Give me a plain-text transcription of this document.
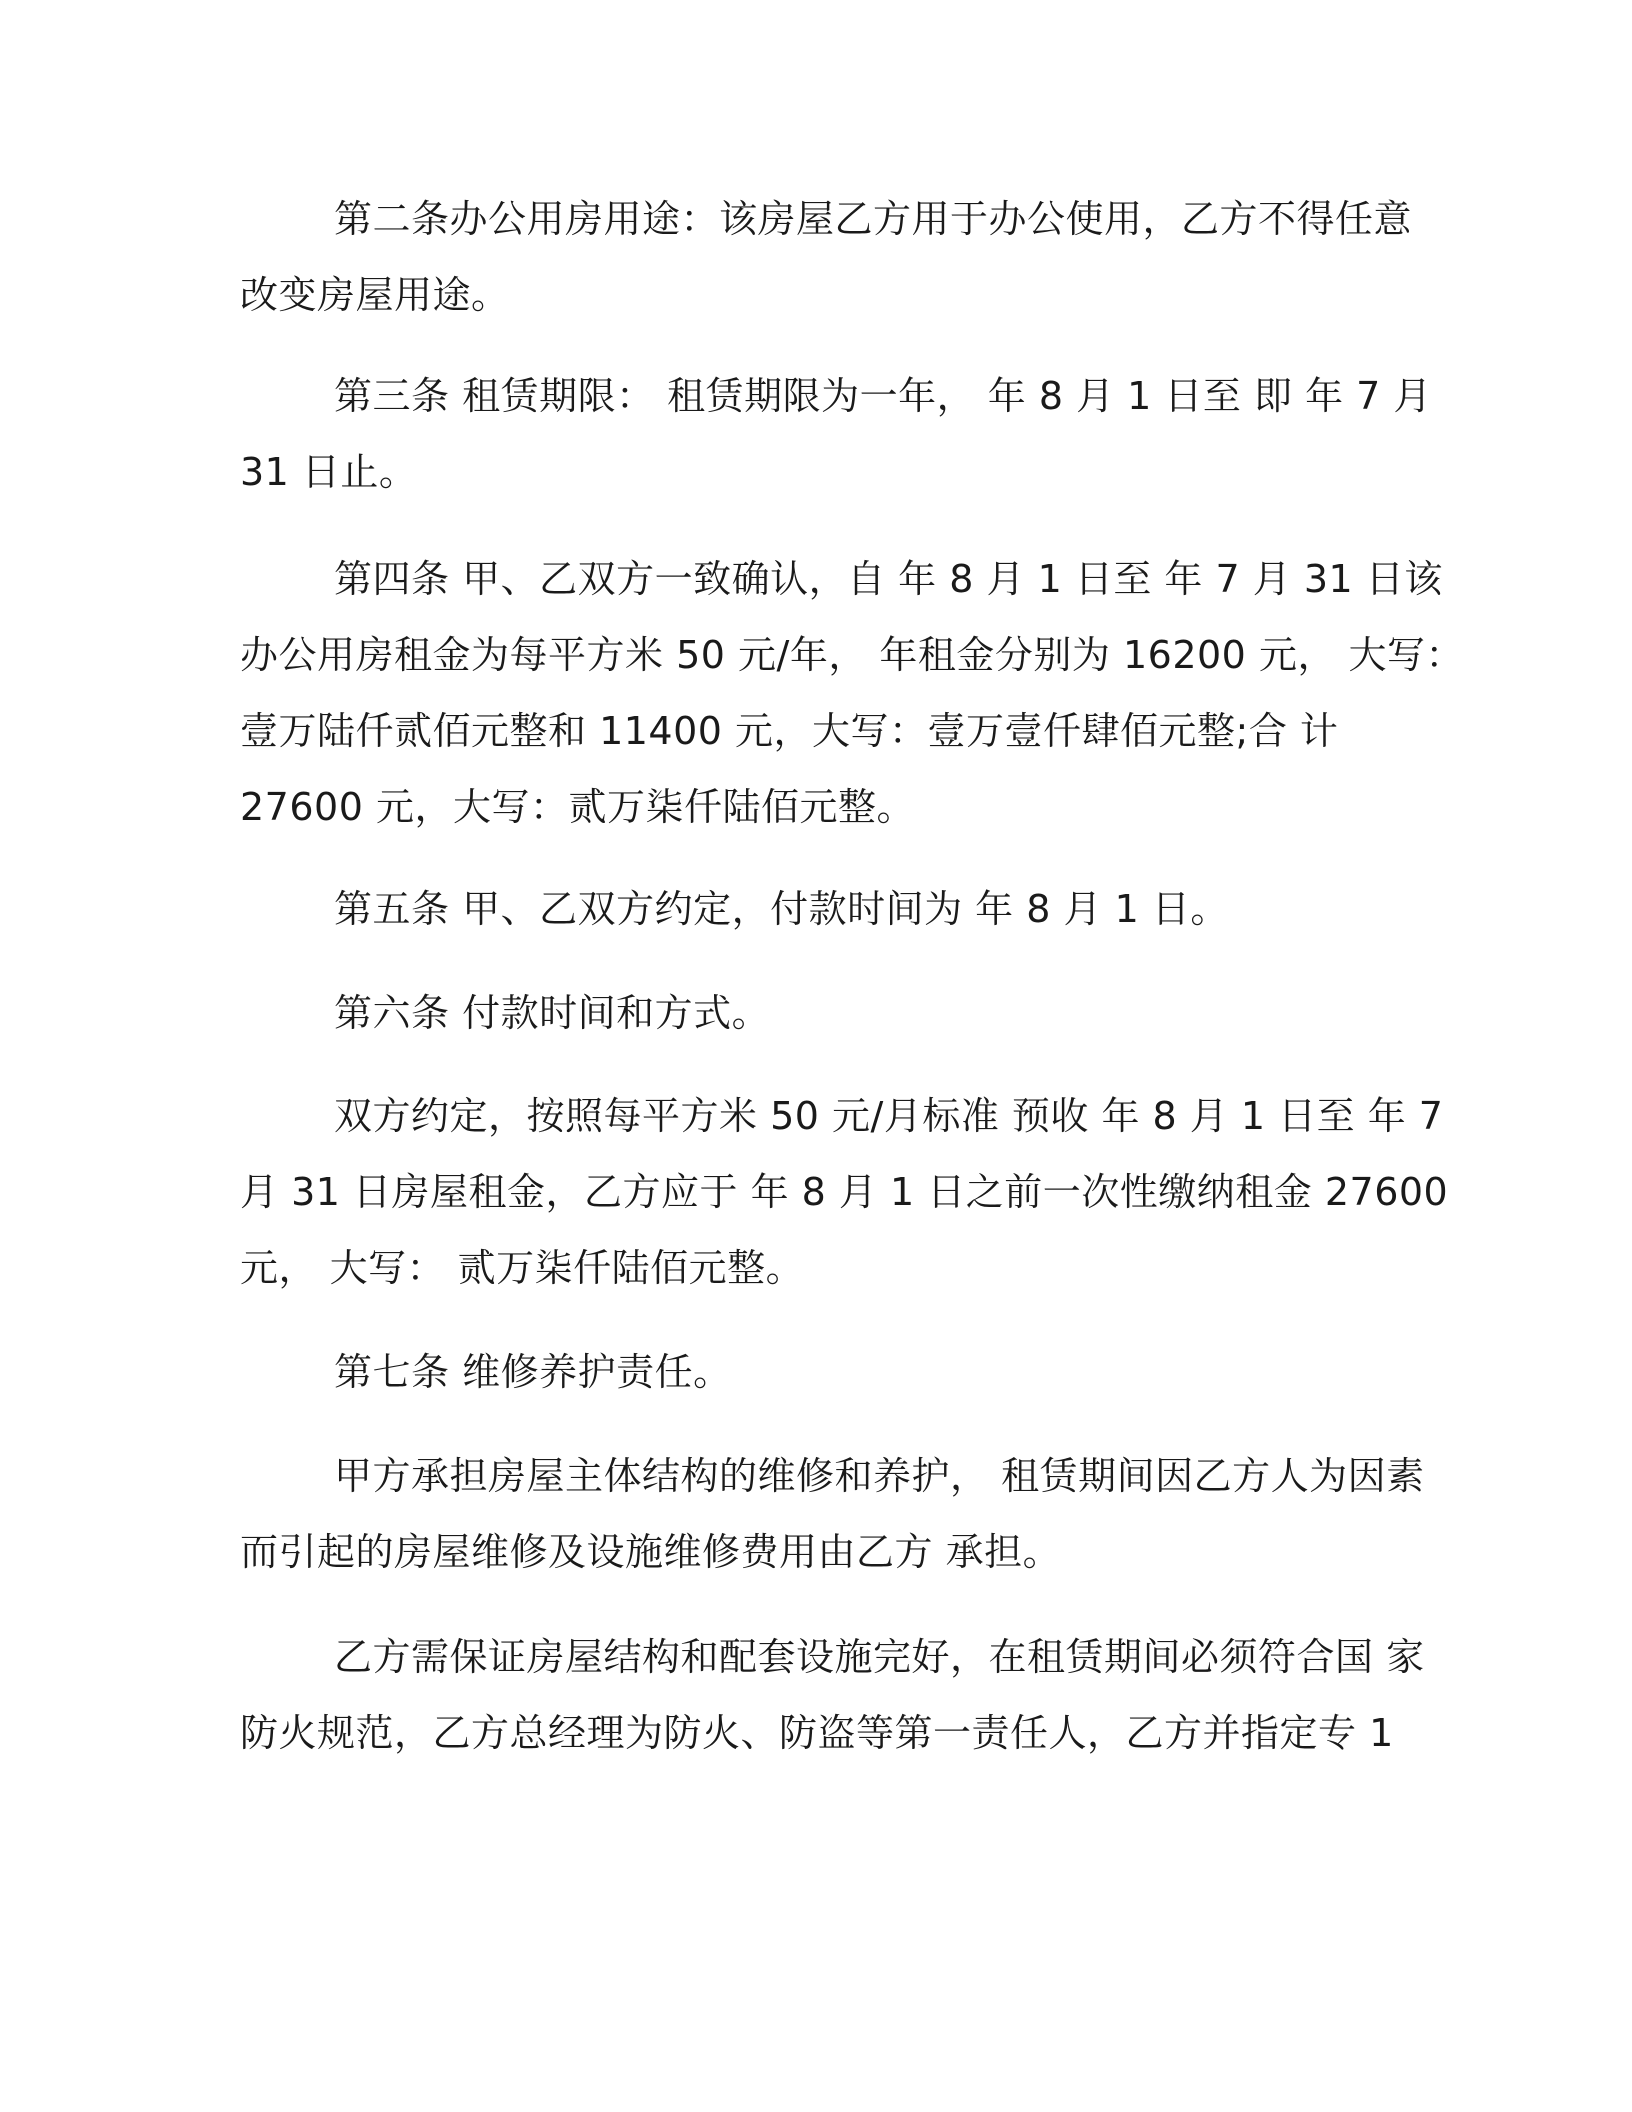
第二条办公用房用途：该房屋乙方用于办公使用，乙方不得任意
改变房屋用途。
第三条 租赁期限： 租赁期限为一年， 年 8 月 1 日至 即 年 7 月
31 日止。
第四条 甲、乙双方一致确认，自 年 8 月 1 日至 年 7 月 31 日该
办公用房租金为每平方米 50 元/年， 年租金分别为 16200 元， 大写：
壹万陆仟贰佰元整和 11400 元，大写：壹万壹仟肆佰元整;合 计
27600 元，大写：贰万柒仟陆佰元整。
第五条 甲、乙双方约定，付款时间为 年 8 月 1 日。
第六条 付款时间和方式。
双方约定，按照每平方米 50 元/月标准 预收 年 8 月 1 日至 年 7
月 31 日房屋租金，乙方应于 年 8 月 1 日之前一次性缴纳租金 27600
元， 大写： 贰万柒仟陆佰元整。
第七条 维修养护责任。
甲方承担房屋主体结构的维修和养护， 租赁期间因乙方人为因素
而引起的房屋维修及设施维修费用由乙方 承担。
乙方需保证房屋结构和配套设施完好，在租赁期间必须符合国 家
防火规范，乙方总经理为防火、防盗等第一责任人，乙方并指定专 1
